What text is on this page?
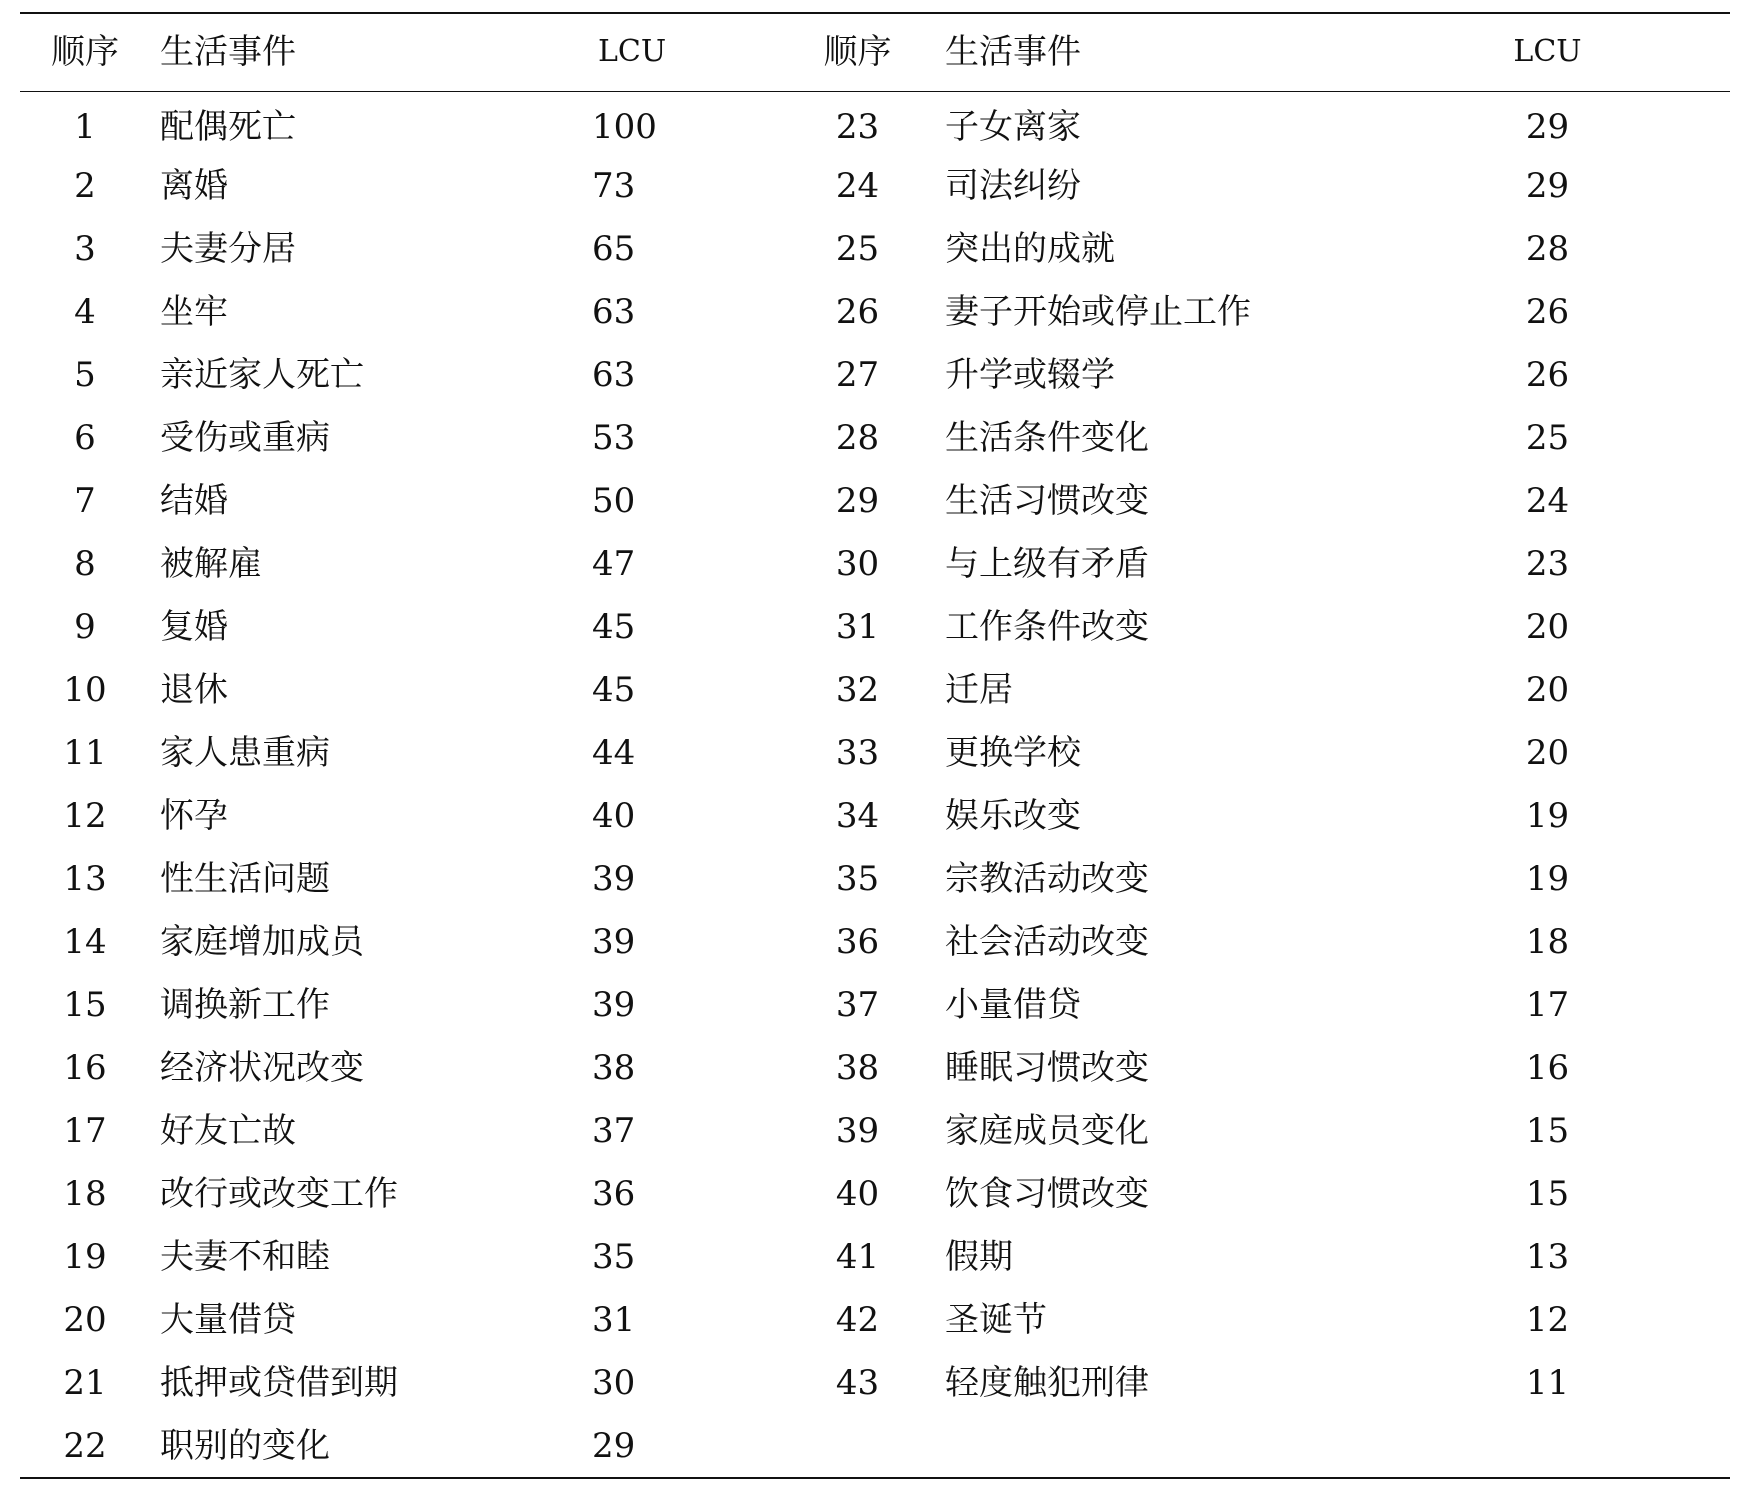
顺序	生活事件	LCU	顺序	生活事件	LCU
1	配偶死亡	100	23	子女离家	29
2	离婚	73	24	司法纠纷	29
3	夫妻分居	65	25	突出的成就	28
4	坐牢	63	26	妻子开始或停止工作	26
5	亲近家人死亡	63	27	升学或辍学	26
6	受伤或重病	53	28	生活条件变化	25
7	结婚	50	29	生活习惯改变	24
8	被解雇	47	30	与上级有矛盾	23
9	复婚	45	31	工作条件改变	20
10	退休	45	32	迁居	20
11	家人患重病	44	33	更换学校	20
12	怀孕	40	34	娱乐改变	19
13	性生活问题	39	35	宗教活动改变	19
14	家庭增加成员	39	36	社会活动改变	18
15	调换新工作	39	37	小量借贷	17
16	经济状况改变	38	38	睡眠习惯改变	16
17	好友亡故	37	39	家庭成员变化	15
18	改行或改变工作	36	40	饮食习惯改变	15
19	夫妻不和睦	35	41	假期	13
20	大量借贷	31	42	圣诞节	12
21	抵押或贷借到期	30	43	轻度触犯刑律	11
22	职别的变化	29			
